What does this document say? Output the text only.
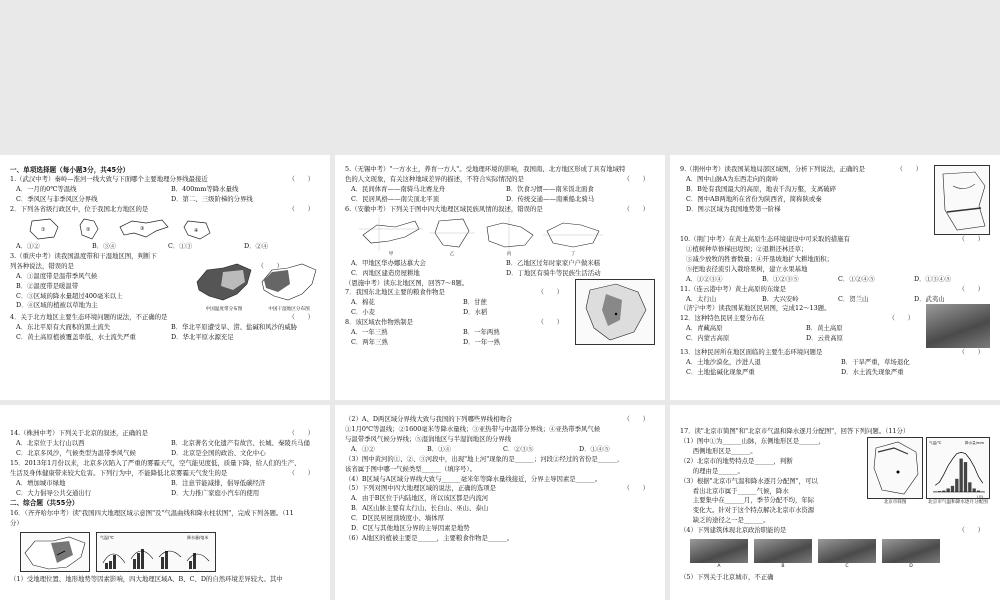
一、单项选择题（每小题3分，共45分）
1.（武汉中考）秦岭—淮河一线大致与下面哪个主要地理分界线最接近	（　　）
A．一月的0℃等温线	B．400mm等降水量线
C．季风区与非季风区分界线	D．第二、三级阶梯的分界线
2．下列各省级行政区中，位于我国北方地区的是	（　　）
①	②	③	④
A．①②	B．③④	C．①③	D．②④
3.（重庆中考）读我国温度带和干湿地区图，判断下
列各种说法，错误的是	（　　）
A．①温度带是温带季风气候
B．②温度带是暖温带
C．③区域的降水量超过400毫米以上
D．④区域的植被以草地为主	中国温度带分布图	中国干湿地区分布图
4．关于北方地区主要生态环境问题的说法，不正确的是	（　　）
A．东北平原有大面积的黑土流失	B．华北平原遭受旱、涝、盐碱和风沙的威胁
C．黄土高原植被覆盖率低，水土流失严重	D．华北平原水源充足
5.（无锡中考）"一方水土，养育一方人"。受地理环境的影响，我国南、北方地区形成了具有地域特
色的人文现象，有关这种地域差异的描述，不符合实际情况的是	（　　）
A．民间体育——南骑马北赛龙舟	B．饮食习惯——南米饭北面食
C．民居风格——南尖顶北平顶	D．传统交通——南乘船北骑马
6.（安徽中考）下列关于图中四大地理区域民族风情的叙述，错误的是	（　　）
甲	乙	丙	丁
A．甲地区华办娜达慕大会	B．乙地区过年时家家户户做米糕
C．丙地区建造房屋耕地	D．丁地区有骑牛等民族生活活动
（恩施中考）读东北地区图，回答7～8题。
7．我国东北地区主要的粮食作物是	（　　）
A．棉花	B．甘蔗
C．小麦	D．水稻
8．该区域农作物熟制是	（　　）
A．一年三熟	B．一年两熟
C．两年三熟	D．一年一熟
9.（荆州中考）读我国某地局部区域图，分析下列说法，正确的是	（　　）
A．图中山脉A为东西走向的南岭
B．B处有我国最大的高原，地表千沟万壑，支离破碎
C．图中AB两地所在省份为陕西省，简称陕或秦
D．图示区域为我国地势第一阶梯
10.（荆门中考）在黄土高原生态环境建设中可采取的措施有	（　　）
①植树种草修梯田堤坝；②退耕还林还草；
③减少放牧的牲畜数量；④开垦坡地扩大耕地面积；
⑤把地表径流引入栽培果树，建立水果基地
A．①②③④	B．①②③⑤	C．①②④⑤	D．①③④⑤
11.（连云港中考）黄土高原的东缘是	（　　）
A．太行山	B．大兴安岭	C．贺兰山	D．武夷山
（济宁中考）读我国某地区民居图，完成12～13题。
12．这种特色民居主要分布在	（　　）
A．青藏高原	B．黄土高原
C．内蒙古高原	D．云贵高原
13．这种民居所在地区面临的主要生态环境问题是	（　　）
A．土地沙漠化，沙进人退	B．干旱严重，草场退化
C．土地盐碱化现象严重	D．水土流失现象严重
14.（株洲中考）下列关于北京的叙述，正确的是	（　　）
A．北京位于太行山以西	B．北京著名文化遗产有故宫、长城、秦陵兵马俑
C．北京多风沙，气候类型为温带季风气候	D．北京是全国的政治、文化中心
15．2013年1月份以来，北京多次陷入了严重的雾霾天气，空气能见度低，质量下降，给人们的生产、
生活及身体健康带来较大危害。下列行为中，不能降低北京雾霾天气发生的是	（　　）
A．增加城市绿地	B．注意节能减排，倡导低碳经济
C．大力倡导公共交通出行	D．大力推广家庭小汽车的使用
二、综合题（共55分）
16．（齐齐哈尔中考）读"我国四大地理区域示意图"及"气温曲线和降水柱状图"，完成下列各题。（11
分）
气温/℃	降水量/毫米
（1）受地理位置、地形地势等因素影响，四大地理区域A、B、C、D的自然环境差异较大。其中
（2）A、D两区域分界线大致与我国的下列哪些界线相吻合	（　　）
①1月0℃等温线；②1600毫米等降水量线；③亚热带与中温带分界线；④亚热带季风气候
与温带季风气候分界线；⑤湿润地区与半湿润地区的分界线
A．①②	B．①④	C．②③⑤	D．①④⑤
（3）图中黄河的①、②、③河段中，出现"地上河"现象的是______；河段②经过的省份是______，
该省属于图中哪一气候类型______（填序号）。
（4）B区域与A区域分界线大致与______毫米年等降水量线接近，分界主导因素是______。
（5）下列对图中四大地理区域的说法，正确的选项是	（　　）
A．由于B区位于内陆地区，所以该区都是内流河
B．A区山脉主要有太行山、长白山、巫山、泰山
C．D区民居屋顶坡度小、墙体厚
D．C区与其他地区分界的主导因素是地势
（6）A地区的植被主要是______，主要粮食作物是______。
17．读"北京市简图"和"北京市气温和降水逐月分配图"，回答下列问题。（11分）
（1）图中①为______山脉，东侧地形区是______，
　　西侧地形区是______。
（2）北京市的地势特点是______，判断
　　的理由是______。
（3）根据"北京市气温和降水逐月分配图"，可以
　　看出北京市属于______气候，降水
　　主要集中在______月，季节分配不均，年际
　　变化大。针对于这个特点解决北京市水资源
　　缺乏的途径之一是______。
北京市简图
气温/℃	降水量/mm
(月)
北京市气温和降水逐月分配图
（4）下列建筑体现北京政治职能的是	（　　）
A	B	C	D
（5）下列关于北京城市，不正确
